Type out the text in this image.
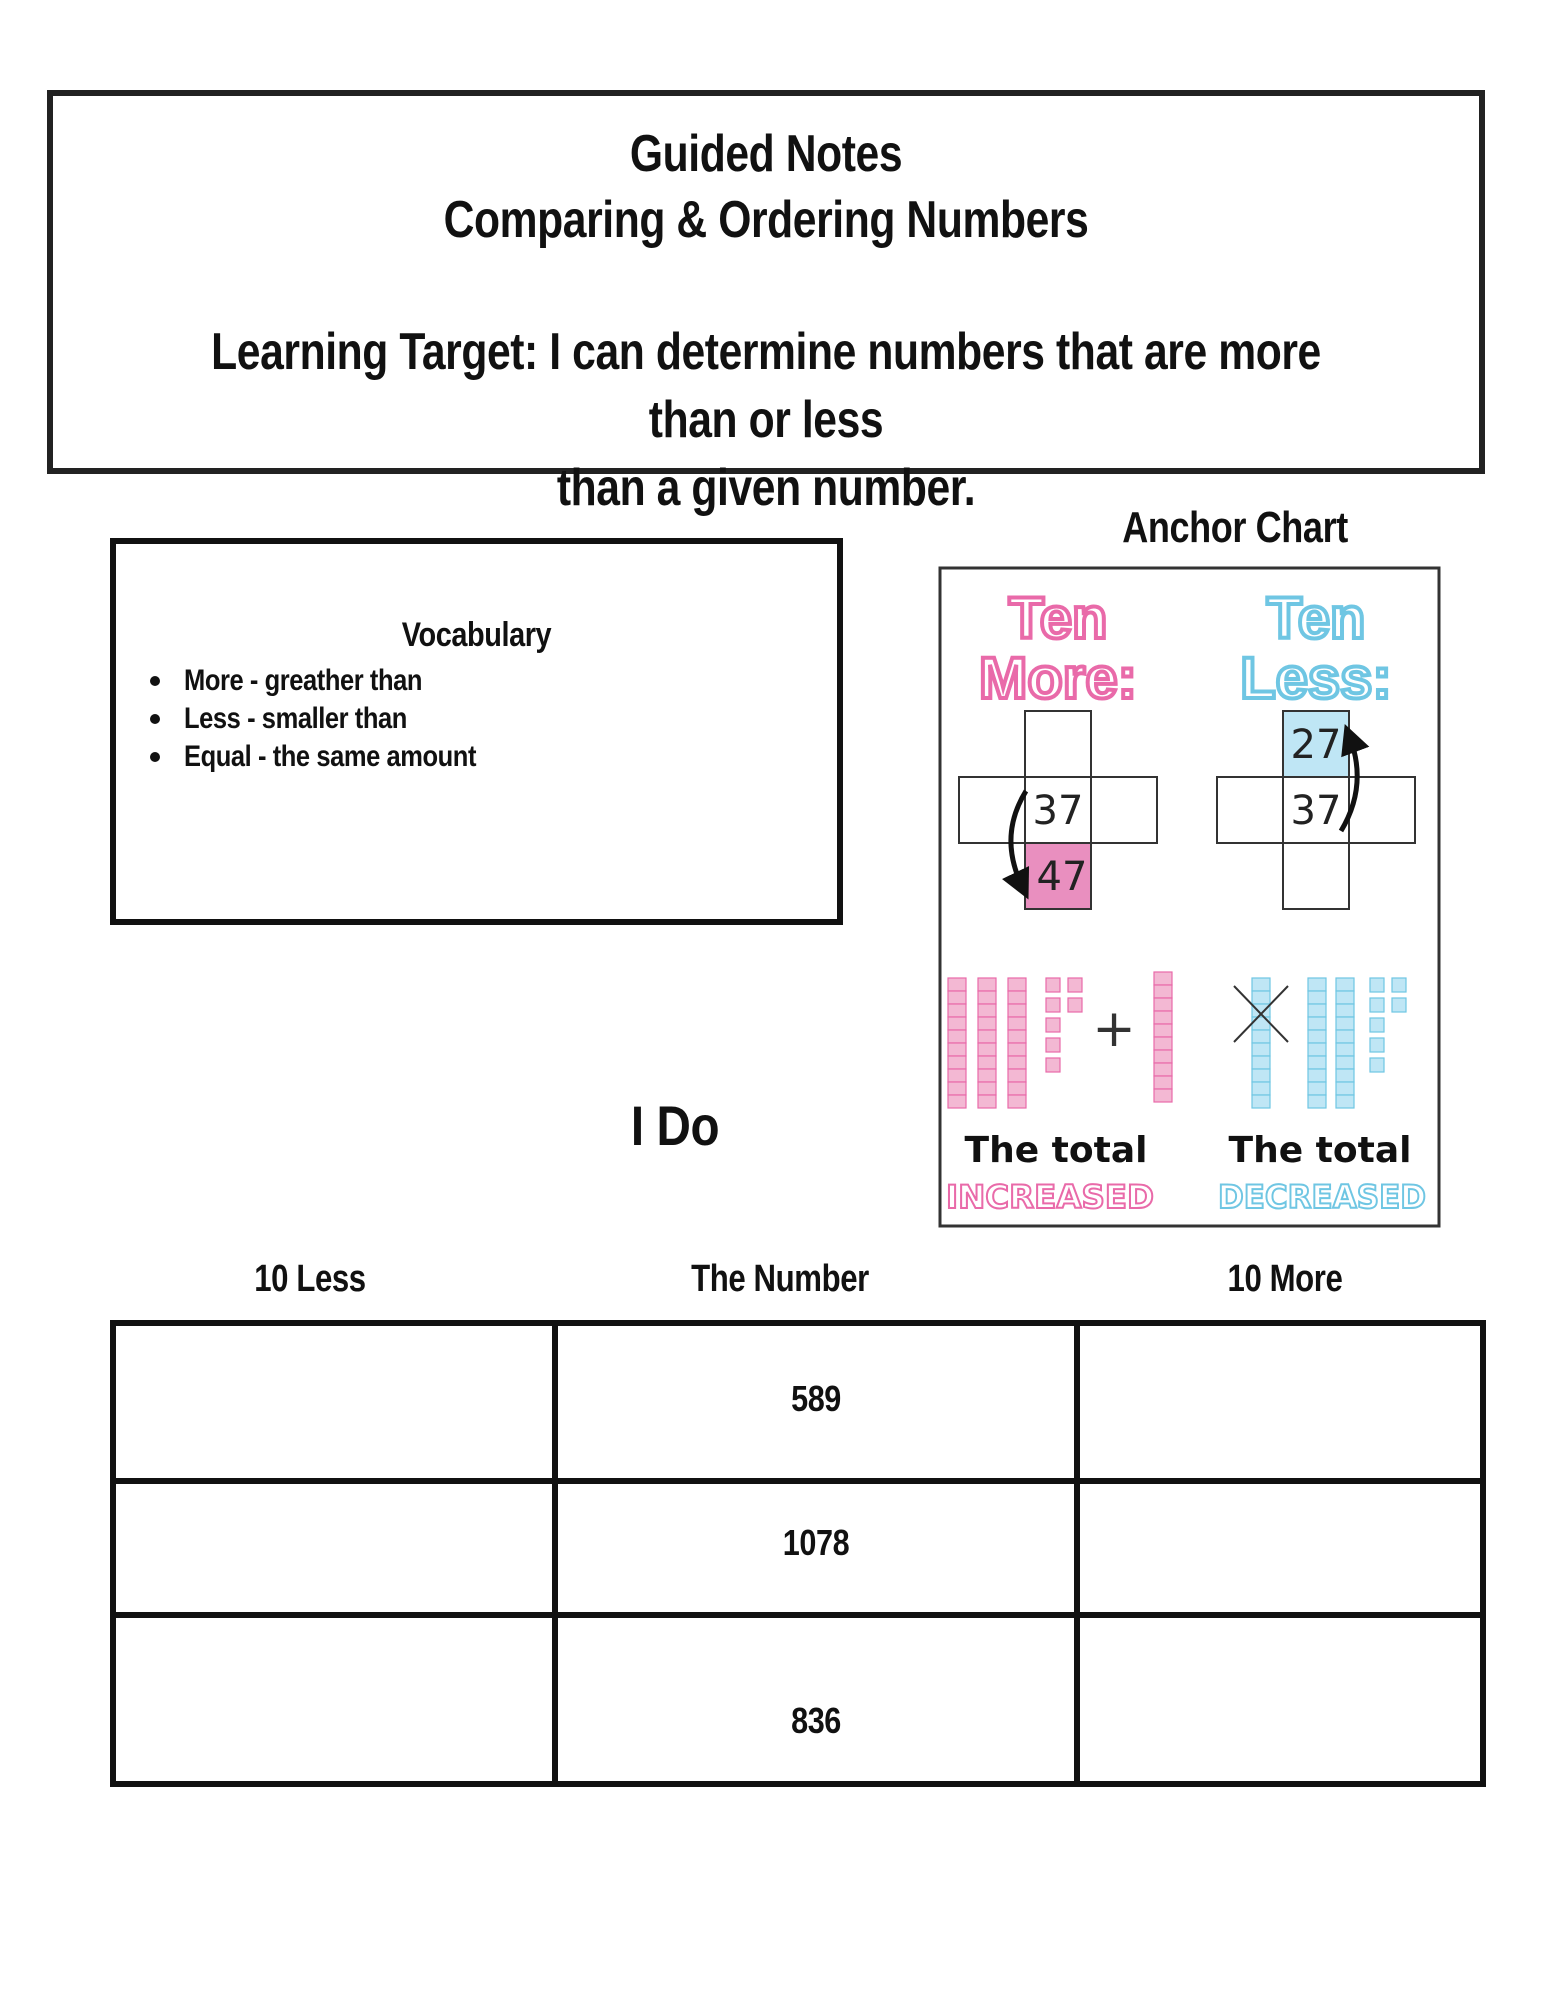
Guided Notes
Comparing & Ordering Numbers
Learning Target: I can determine numbers that are more than or less
than a given number.
Vocabulary
More - greather than
Less - smaller than
Equal - the same amount
Anchor Chart
Ten
More:
Ten
Less:
37
47
27
37
+
The total
INCREASED
The total
DECREASED
I Do
10 Less	The Number	10 More
589
1078
836
